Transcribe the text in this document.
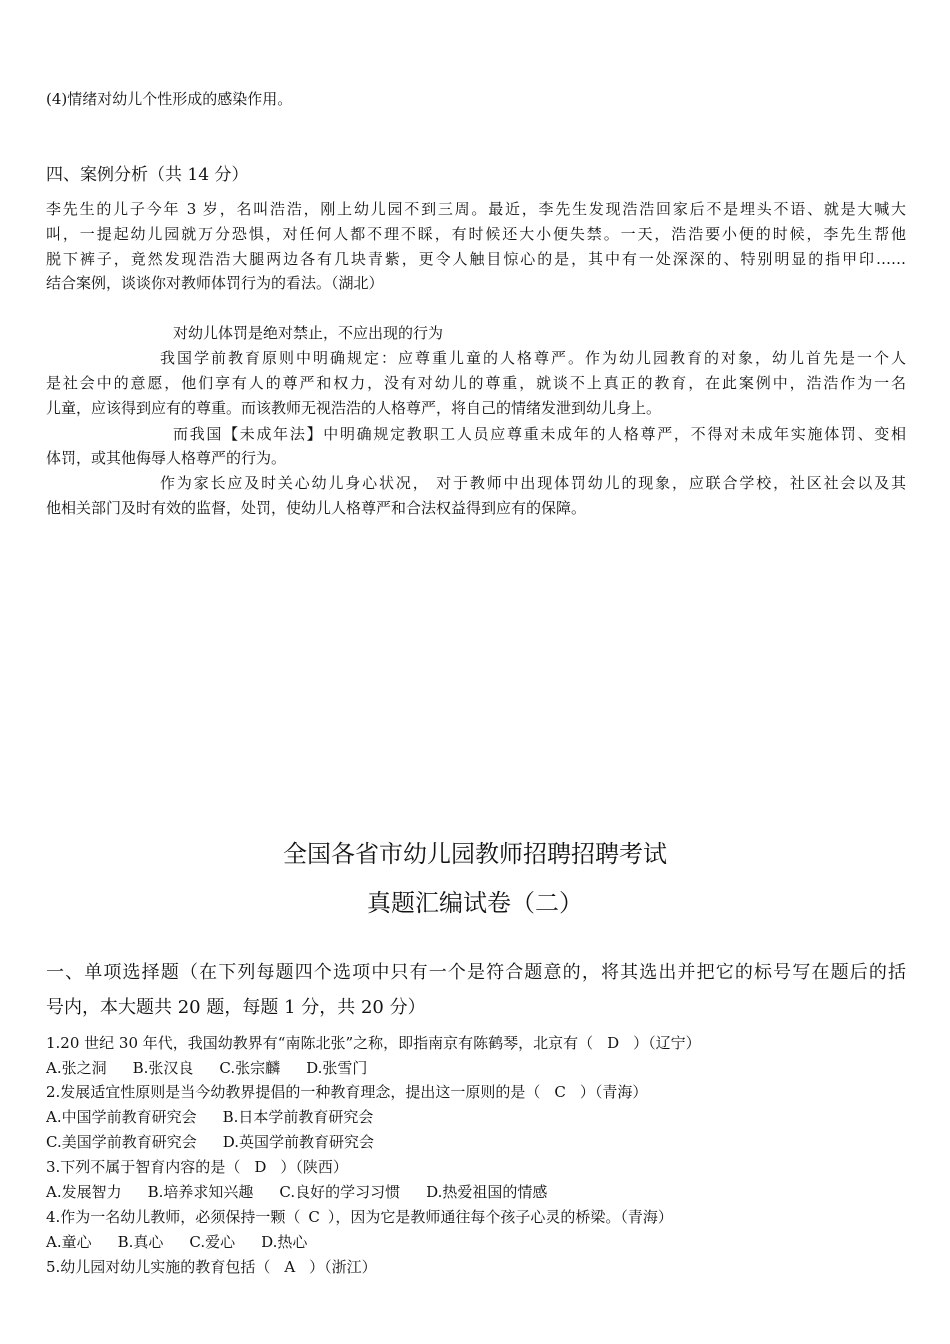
(4)情绪对幼儿个性形成的感染作用。
四、案例分析（共 14 分）
李先生的儿子今年 3 岁，名叫浩浩，刚上幼儿园不到三周。最近，李先生发现浩浩回家后不是埋头不语、就是大喊大
叫，一提起幼儿园就万分恐惧，对任何人都不理不睬，有时候还大小便失禁。一天，浩浩要小便的时候，李先生帮他
脱下裤子，竟然发现浩浩大腿两边各有几块青紫，更令人触目惊心的是，其中有一处深深的、特别明显的指甲印……
结合案例，谈谈你对教师体罚行为的看法。（湖北）
对幼儿体罚是绝对禁止，不应出现的行为
我国学前教育原则中明确规定：应尊重儿童的人格尊严。作为幼儿园教育的对象，幼儿首先是一个人
是社会中的意愿，他们享有人的尊严和权力，没有对幼儿的尊重，就谈不上真正的教育，在此案例中，浩浩作为一名
儿童，应该得到应有的尊重。而该教师无视浩浩的人格尊严，将自己的情绪发泄到幼儿身上。
而我国【未成年法】中明确规定教职工人员应尊重未成年的人格尊严，不得对未成年实施体罚、变相
体罚，或其他侮辱人格尊严的行为。
作为家长应及时关心幼儿身心状况， 对于教师中出现体罚幼儿的现象，应联合学校，社区社会以及其
他相关部门及时有效的监督，处罚，使幼儿人格尊严和合法权益得到应有的保障。
全国各省市幼儿园教师招聘招聘考试
真题汇编试卷（二）
一、单项选择题（在下列每题四个选项中只有一个是符合题意的，将其选出并把它的标号写在题后的括
号内，本大题共 20 题，每题 1 分，共 20 分）
1.20 世纪 30 年代，我国幼教界有“南陈北张”之称，即指南京有陈鹤琴，北京有（ D ）（辽宁）
A.张之洞 B.张汉良 C.张宗麟 D.张雪门
2.发展适宜性原则是当今幼教界提倡的一种教育理念，提出这一原则的是（ C ）（青海）
A.中国学前教育研究会 B.日本学前教育研究会
C.美国学前教育研究会 D.英国学前教育研究会
3.下列不属于智育内容的是（ D ）（陕西）
A.发展智力 B.培养求知兴趣 C.良好的学习习惯 D.热爱祖国的情感
4.作为一名幼儿教师，必须保持一颗（ C ），因为它是教师通往每个孩子心灵的桥梁。（青海）
A.童心 B.真心 C.爱心 D.热心
5.幼儿园对幼儿实施的教育包括（ A ）（浙江）
